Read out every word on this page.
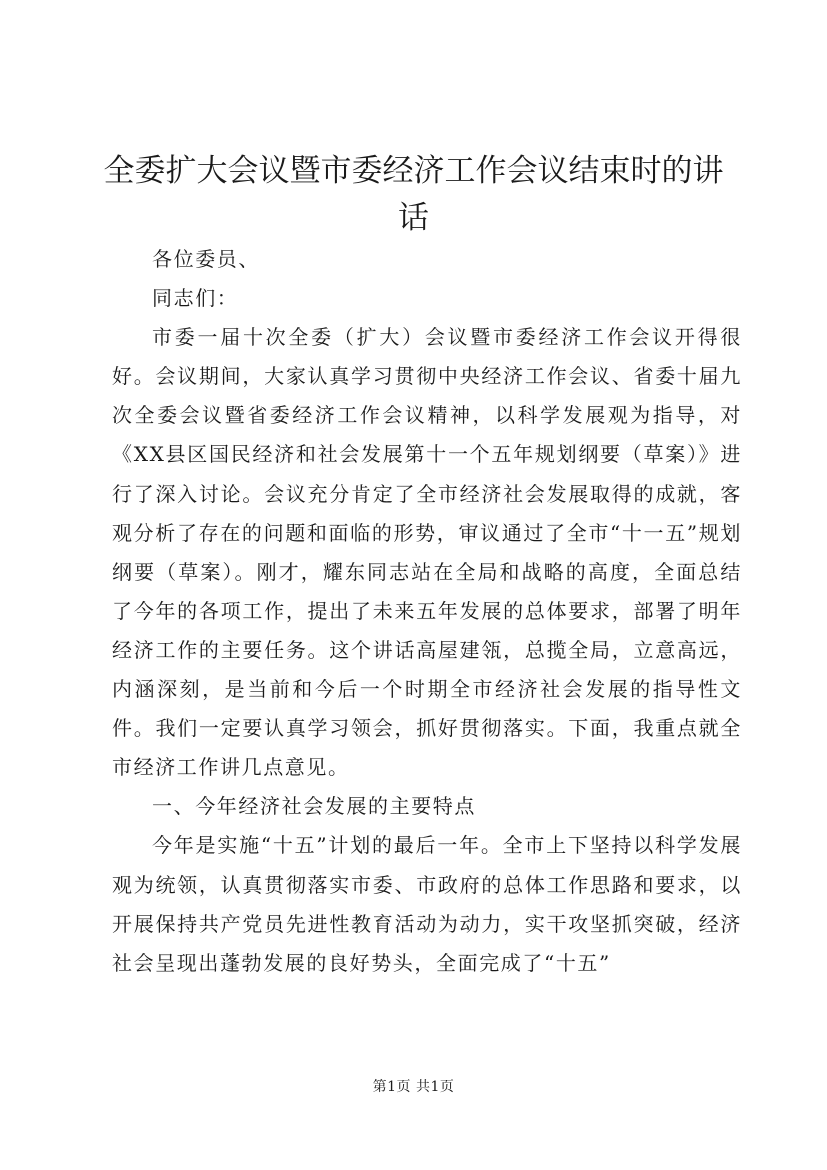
全委扩大会议暨市委经济工作会议结束时的讲话

各位委员、

同志们：

市委一届十次全委（扩大）会议暨市委经济工作会议开得很好。会议期间，大家认真学习贯彻中央经济工作会议、省委十届九次全委会议暨省委经济工作会议精神，以科学发展观为指导，对《XX县区国民经济和社会发展第十一个五年规划纲要（草案）》进行了深入讨论。会议充分肯定了全市经济社会发展取得的成就，客观分析了存在的问题和面临的形势，审议通过了全市“十一五”规划纲要（草案）。刚才，耀东同志站在全局和战略的高度，全面总结了今年的各项工作，提出了未来五年发展的总体要求，部署了明年经济工作的主要任务。这个讲话高屋建瓴，总揽全局，立意高远，内涵深刻，是当前和今后一个时期全市经济社会发展的指导性文件。我们一定要认真学习领会，抓好贯彻落实。下面，我重点就全市经济工作讲几点意见。

一、今年经济社会发展的主要特点

今年是实施“十五”计划的最后一年。全市上下坚持以科学发展观为统领，认真贯彻落实市委、市政府的总体工作思路和要求，以开展保持共产党员先进性教育活动为动力，实干攻坚抓突破，经济社会呈现出蓬勃发展的良好势头，全面完成了“十五”

第1页 共1页
